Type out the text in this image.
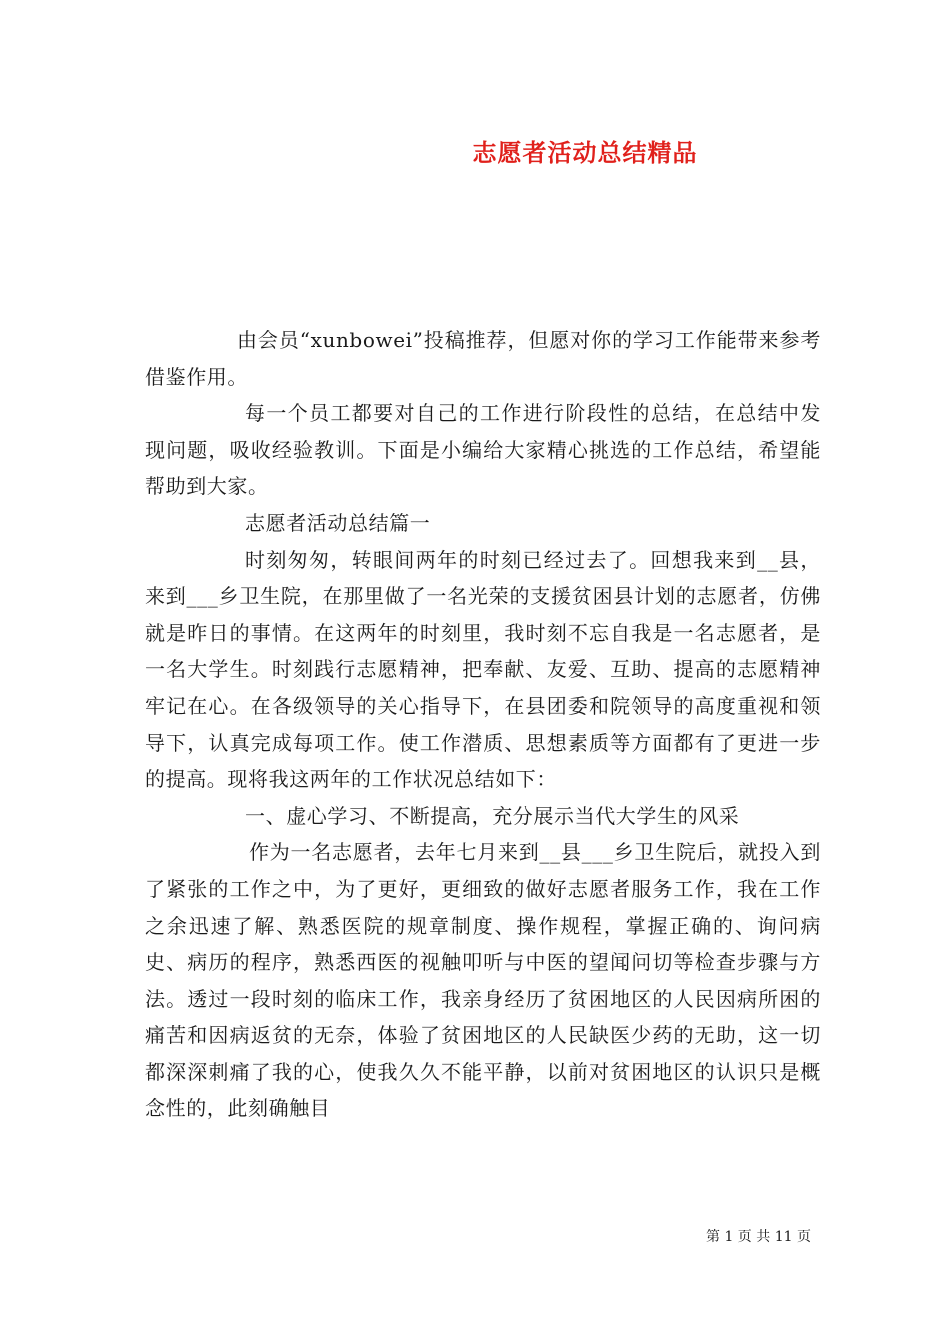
志愿者活动总结精品

由会员“xunbowei”投稿推荐，但愿对你的学习工作能带来参考借鉴作用。

每一个员工都要对自己的工作进行阶段性的总结，在总结中发现问题，吸收经验教训。下面是小编给大家精心挑选的工作总结，希望能帮助到大家。

志愿者活动总结篇一

时刻匆匆，转眼间两年的时刻已经过去了。回想我来到__县，来到___乡卫生院，在那里做了一名光荣的支援贫困县计划的志愿者，仿佛就是昨日的事情。在这两年的时刻里，我时刻不忘自我是一名志愿者，是一名大学生。时刻践行志愿精神，把奉献、友爱、互助、提高的志愿精神牢记在心。在各级领导的关心指导下，在县团委和院领导的高度重视和领导下，认真完成每项工作。使工作潜质、思想素质等方面都有了更进一步的提高。现将我这两年的工作状况总结如下：

一、虚心学习、不断提高，充分展示当代大学生的风采

作为一名志愿者，去年七月来到__县___乡卫生院后，就投入到了紧张的工作之中，为了更好，更细致的做好志愿者服务工作，我在工作之余迅速了解、熟悉医院的规章制度、操作规程，掌握正确的、询问病史、病历的程序，熟悉西医的视触叩听与中医的望闻问切等检查步骤与方法。透过一段时刻的临床工作，我亲身经历了贫困地区的人民因病所困的痛苦和因病返贫的无奈，体验了贫困地区的人民缺医少药的无助，这一切都深深刺痛了我的心，使我久久不能平静，以前对贫困地区的认识只是概念性的，此刻确触目

第 1 页 共 11 页
